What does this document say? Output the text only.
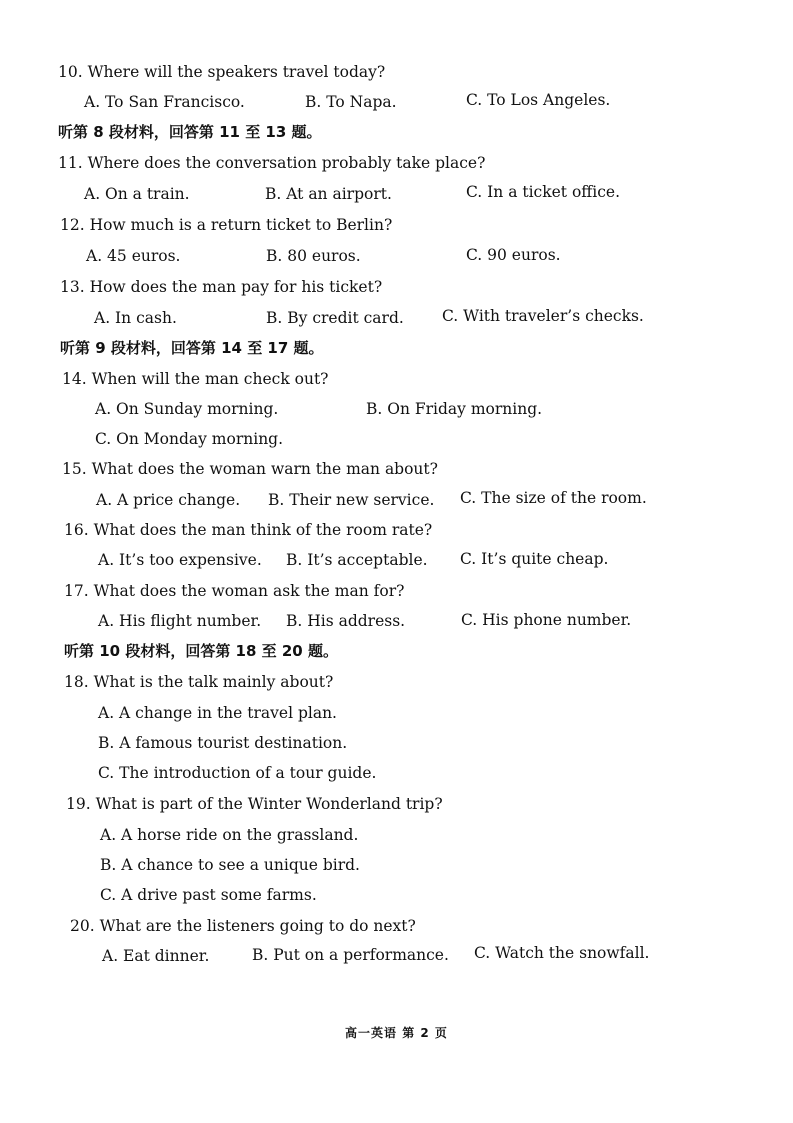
10. Where will the speakers travel today?
A. To San Francisco.	B. To Napa.	C. To Los Angeles.
听第 8 段材料，回答第 11 至 13 题。
11. Where does the conversation probably take place?
A. On a train.	B. At an airport.	C. In a ticket office.
12. How much is a return ticket to Berlin?
A. 45 euros.	B. 80 euros.	C. 90 euros.
13. How does the man pay for his ticket?
A. In cash.	B. By credit card. C. With traveler’s checks.
听第 9 段材料，回答第 14 至 17 题。
14. When will the man check out?
A. On Sunday morning.	B. On Friday morning.
C. On Monday morning.
15. What does the woman warn the man about?
A. A price change. B. Their new service. C. The size of the room.
16. What does the man think of the room rate?
A. It’s too expensive. B. It’s acceptable. C. It’s quite cheap.
17. What does the woman ask the man for?
A. His flight number. B. His address.	C. His phone number.
听第 10 段材料，回答第 18 至 20 题。
18. What is the talk mainly about?
A. A change in the travel plan.
B. A famous tourist destination.
C. The introduction of a tour guide.
19. What is part of the Winter Wonderland trip?
A. A horse ride on the grassland.
B. A chance to see a unique bird.
C. A drive past some farms.
20. What are the listeners going to do next?
A. Eat dinner.	B. Put on a performance. C. Watch the snowfall.
高一英语 第 2 页
